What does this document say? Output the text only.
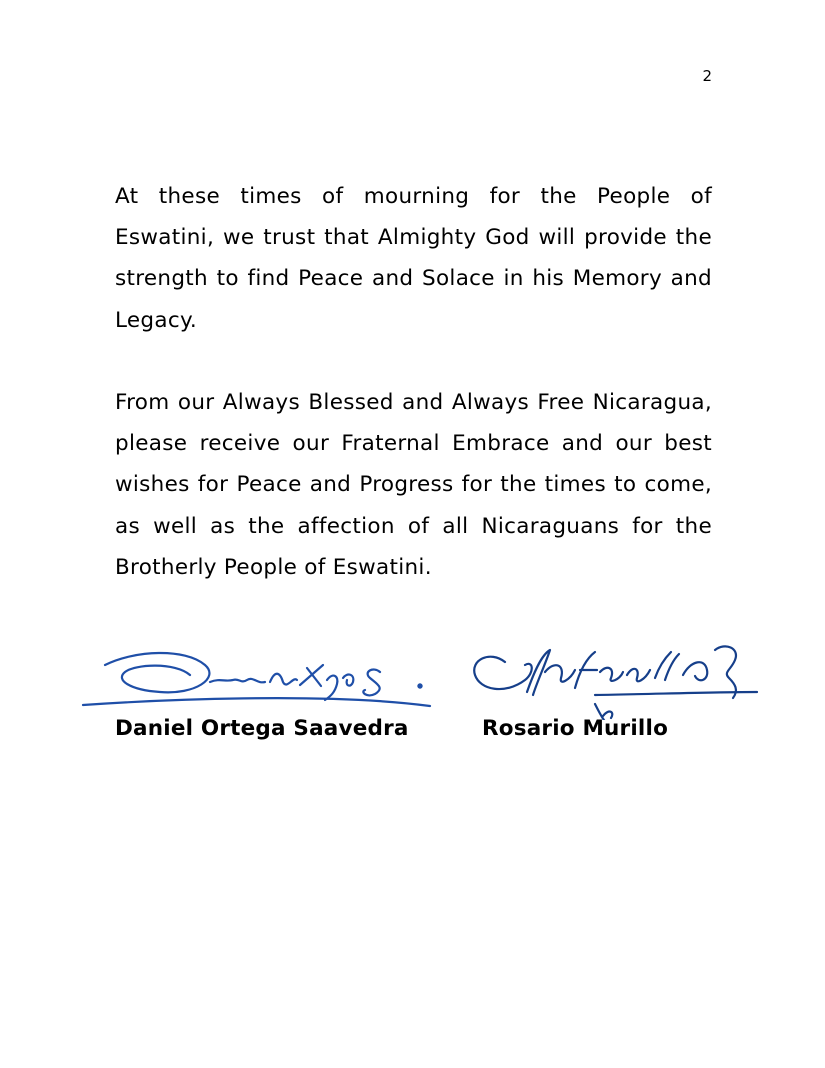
2

At these times of mourning for the People of Eswatini, we trust that Almighty God will provide the strength to find Peace and Solace in his Memory and Legacy.

From our Always Blessed and Always Free Nicaragua, please receive our Fraternal Embrace and our best wishes for Peace and Progress for the times to come, as well as the affection of all Nicaraguans for the Brotherly People of Eswatini.

Daniel Ortega Saavedra	Rosario Murillo
